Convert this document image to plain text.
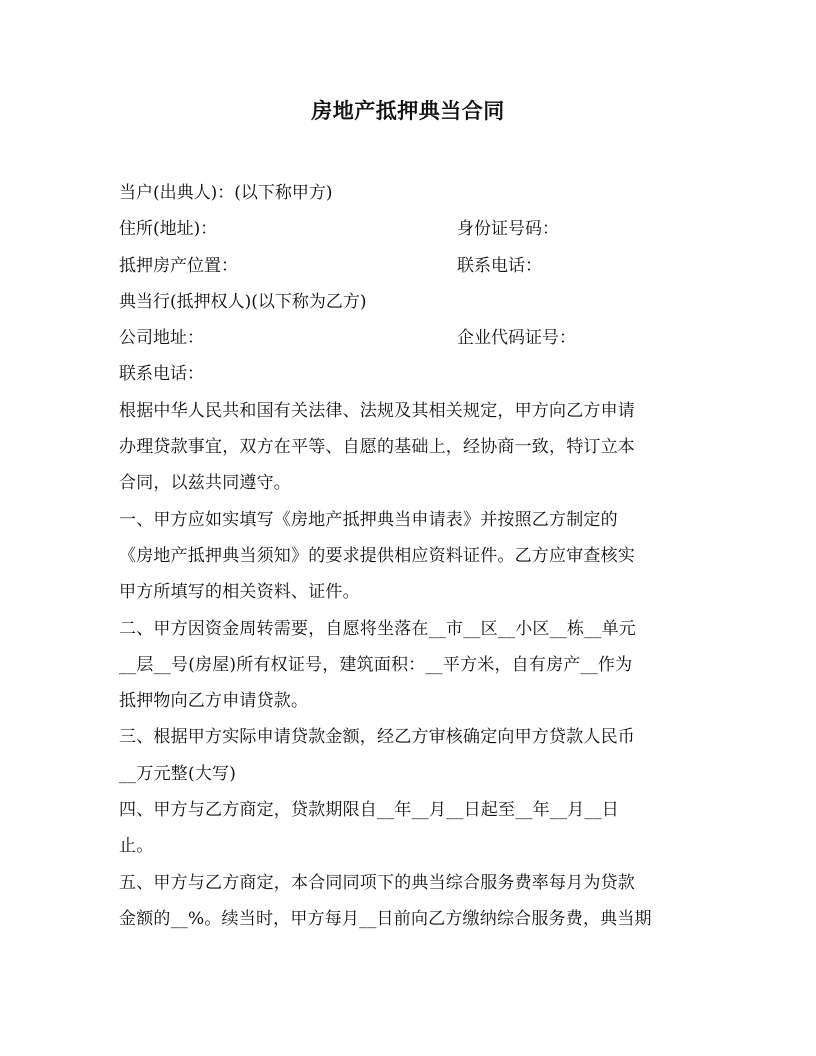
房地产抵押典当合同
当户(出典人)：(以下称甲方)
住所(地址)：	身份证号码：
抵押房产位置：	联系电话：
典当行(抵押权人)(以下称为乙方)
公司地址：	企业代码证号：
联系电话：
根据中华人民共和国有关法律、法规及其相关规定，甲方向乙方申请
办理贷款事宜，双方在平等、自愿的基础上，经协商一致，特订立本
合同，以兹共同遵守。
一、甲方应如实填写《房地产抵押典当申请表》并按照乙方制定的
《房地产抵押典当须知》的要求提供相应资料证件。乙方应审查核实
甲方所填写的相关资料、证件。
二、甲方因资金周转需要，自愿将坐落在__市__区__小区__栋__单元
__层__号(房屋)所有权证号，建筑面积：__平方米，自有房产__作为
抵押物向乙方申请贷款。
三、根据甲方实际申请贷款金额，经乙方审核确定向甲方贷款人民币
__万元整(大写)
四、甲方与乙方商定，贷款期限自__年__月__日起至__年__月__日
止。
五、甲方与乙方商定，本合同同项下的典当综合服务费率每月为贷款
金额的__%。续当时，甲方每月__日前向乙方缴纳综合服务费，典当期
